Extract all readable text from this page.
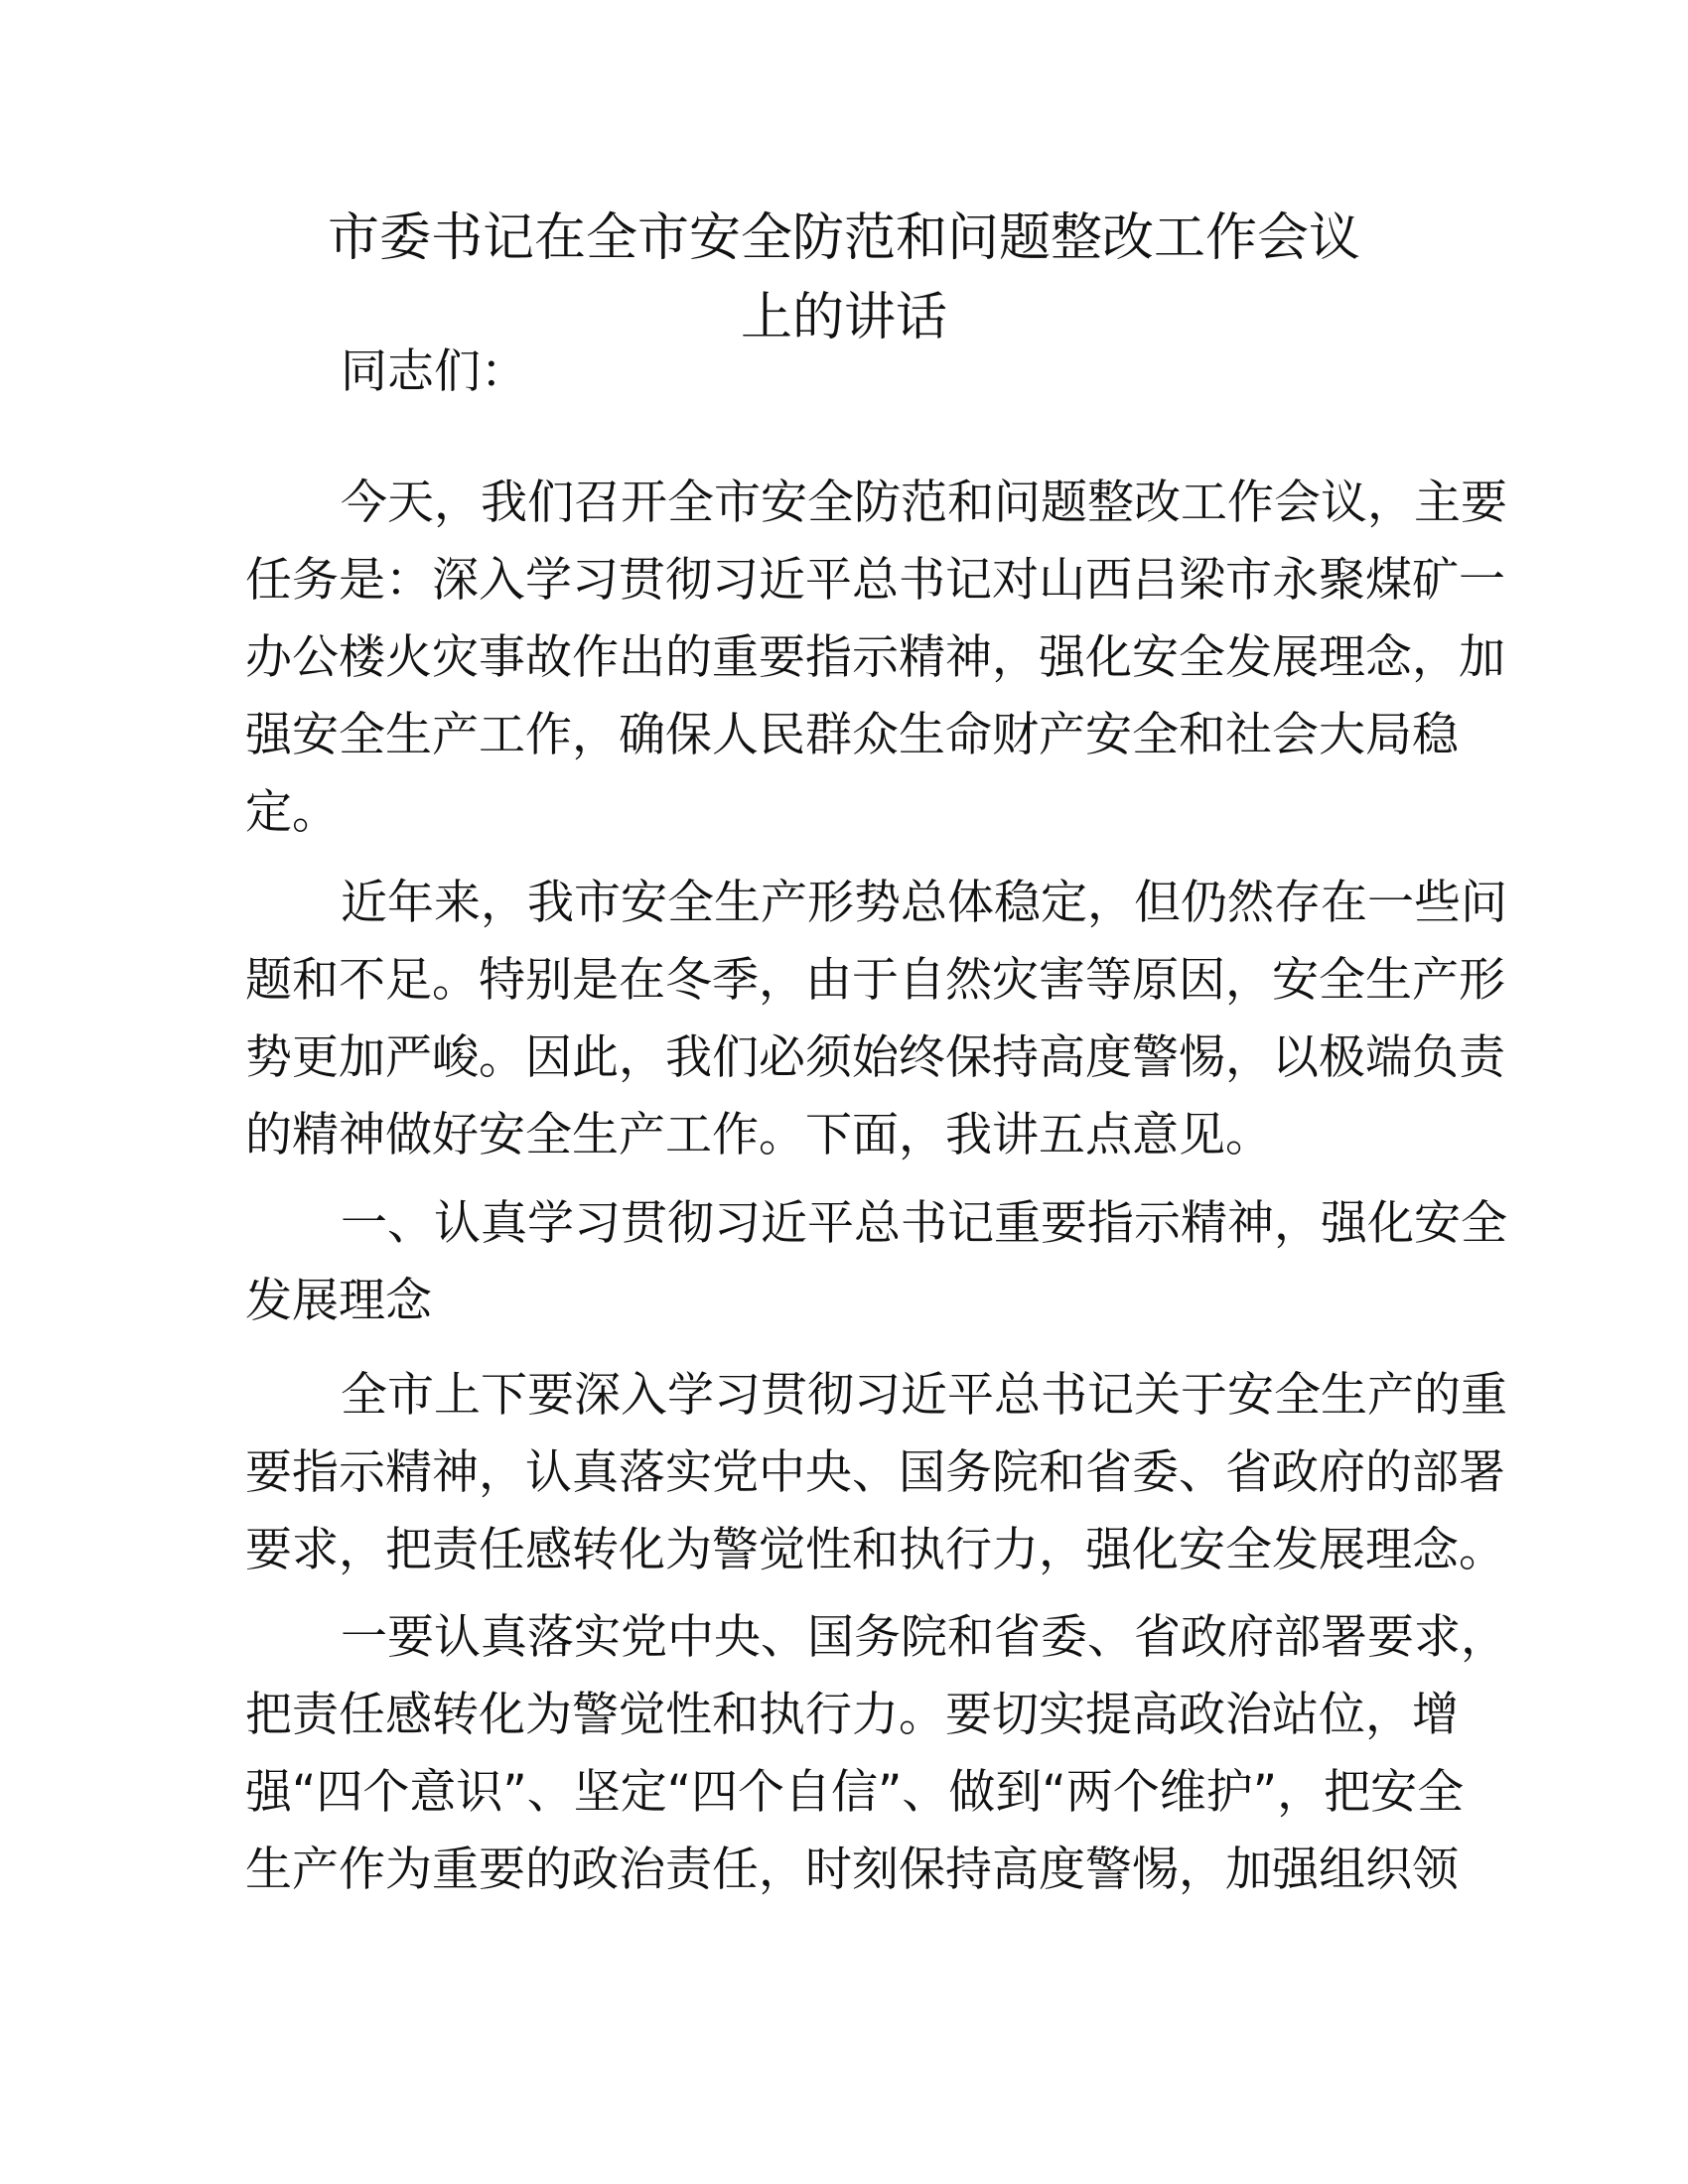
市委书记在全市安全防范和问题整改工作会议
上的讲话
同志们：
今天，我们召开全市安全防范和问题整改工作会议，主要
任务是：深入学习贯彻习近平总书记对山西吕梁市永聚煤矿一
办公楼火灾事故作出的重要指示精神，强化安全发展理念，加
强安全生产工作，确保人民群众生命财产安全和社会大局稳
定。
近年来，我市安全生产形势总体稳定，但仍然存在一些问
题和不足。特别是在冬季，由于自然灾害等原因，安全生产形
势更加严峻。因此，我们必须始终保持高度警惕，以极端负责
的精神做好安全生产工作。下面，我讲五点意见。
一、认真学习贯彻习近平总书记重要指示精神，强化安全
发展理念
全市上下要深入学习贯彻习近平总书记关于安全生产的重
要指示精神，认真落实党中央、国务院和省委、省政府的部署
要求，把责任感转化为警觉性和执行力，强化安全发展理念。
一要认真落实党中央、国务院和省委、省政府部署要求，
把责任感转化为警觉性和执行力。要切实提高政治站位，增
强“四个意识”、坚定“四个自信”、做到“两个维护”，把安全
生产作为重要的政治责任，时刻保持高度警惕，加强组织领
